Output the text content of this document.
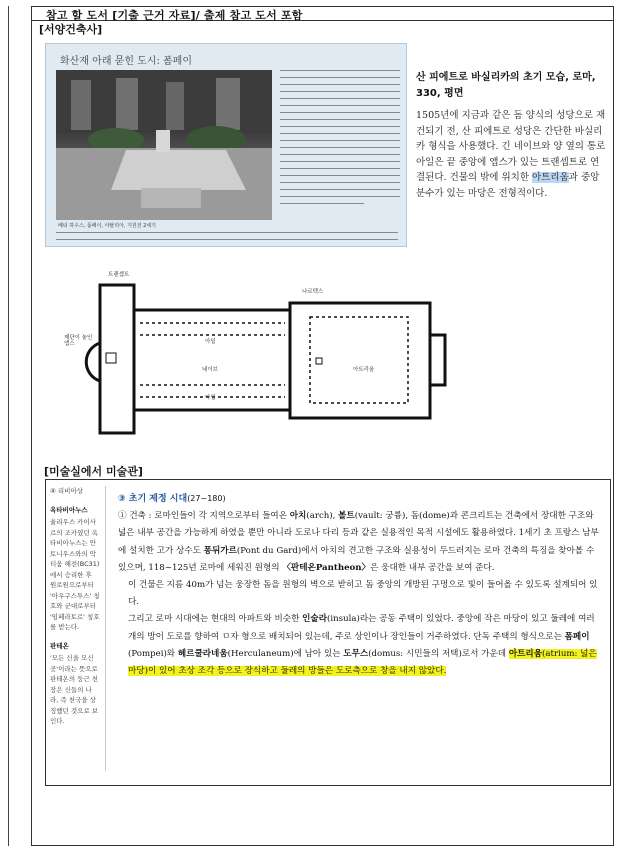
참고 할 도서 [기출 근거 자료]/ 출제 참고 도서 포함
[서양건축사]
화산재 아래 묻힌 도시: 폼페이
베티 하우스, 폼페이, 아탈리아, 기원전 2세기
산 피에트로 바실리카의 초기 모습, 로마, 330, 평면
1505년에 지금과 같은 돔 양식의 성당으로 재건되기 전, 산 피에트로 성당은 간단한 바실리카 형식을 사용했다. 긴 네이브와 양 옆의 통로 아일은 끝 중앙에 앱스가 있는 트랜셉트로 연결된다. 건물의 밖에 위치한 아트리움과 중앙 분수가 있는 마당은 전형적이다.
트랜셉트
나르텍스
제단이 놓인 앱스	아일
네이브
아일
아트리움
[미술실에서 미술관]
④ 리비아상
옥타비아누스
율리우스 카이사르의 조카였던 옥타비아누스는 안토니우스와의 악티움 해전(BC31)에서 승리한 후 원로원으로부터 '아우구스투스' 칭호와 군대로부터 '임페라토르' 칭호를 받는다.
판테온
'모든 신을 모신 곳'이라는 뜻으로 판테온의 둥근 천장은 신들의 나라, 즉 천국을 상징했던 것으로 보인다.

③ 초기 제정 시대(27~180)

① 건축 : 로마인들이 각 지역으로부터 들여온 아치(arch), 볼트(vault: 궁륭), 돔(dome)과 콘크리트는 건축에서 장대한 구조와 넓은 내부 공간을 가능하게 하였을 뿐만 아니라 도로나 다리 등과 같은 실용적인 목적 시설에도 활용하였다. 1세기 초 프랑스 남부에 설치한 고가 상수도 퐁뒤가르(Pont du Gard)에서 아치의 견고한 구조와 실용성이 두드러지는 로마 건축의 특징을 찾아볼 수 있으며, 118~125년 로마에 세워진 원형의 〈판테온Pantheon〉은 웅대한 내부 공간을 보여 준다.

이 건물은 지름 40m가 넘는 웅장한 돔을 원형의 벽으로 받히고 돔 중앙의 개방된 구멍으로 빛이 들어올 수 있도록 설계되어 있다.

그리고 로마 시대에는 현대의 아파트와 비슷한 인술라(insula)라는 공동 주택이 있었다. 중앙에 작은 마당이 있고 둘레에 여러 개의 방이 도로를 향하여 ㅁ자 형으로 배치되어 있는데, 주로 상인이나 장인들이 거주하였다. 단독 주택의 형식으로는 폼페이(Pompei)와 헤르쿨라네움(Herculaneum)에 남아 있는 도무스(domus: 시민들의 저택)로서 가운데 아트리움(atrium: 넓은 마당)이 있어 초상 조각 등으로 장식하고 둘레의 방들은 도로측으로 창을 내지 않았다.
